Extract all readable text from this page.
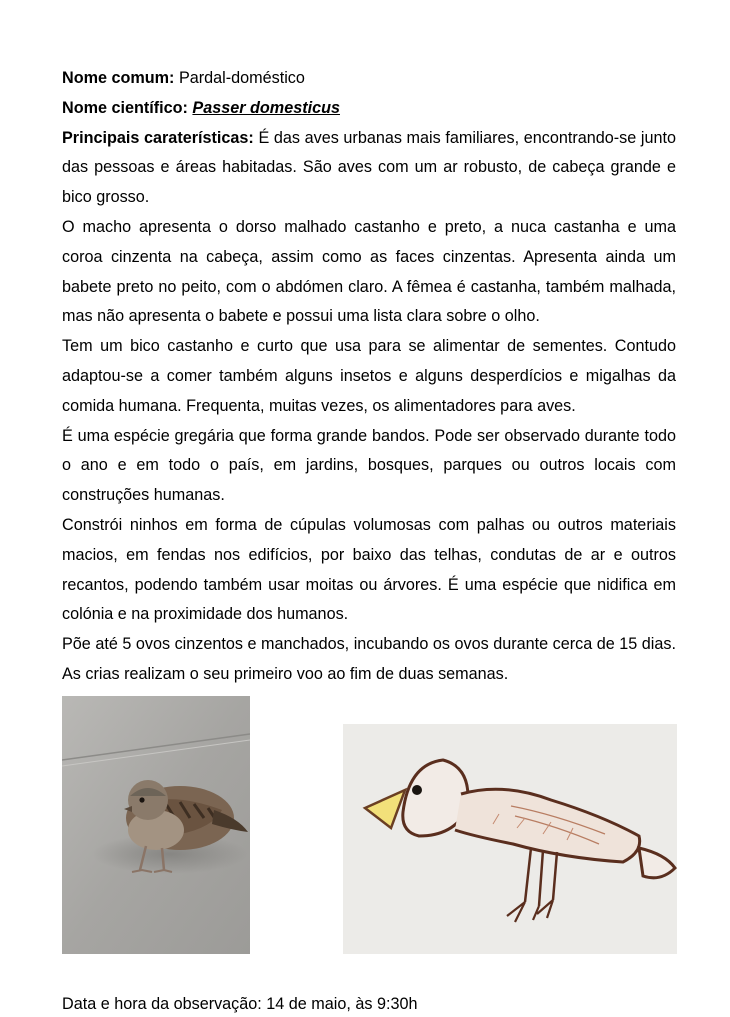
Nome comum: Pardal-doméstico

Nome científico: Passer domesticus

Principais caraterísticas: É das aves urbanas mais familiares, encontrando-se junto das pessoas e áreas habitadas. São aves com um ar robusto, de cabeça grande e bico grosso.

O macho apresenta o dorso malhado castanho e preto, a nuca castanha e uma coroa cinzenta na cabeça, assim como as faces cinzentas. Apresenta ainda um babete preto no peito, com o abdómen claro. A fêmea é castanha, também malhada, mas não apresenta o babete e possui uma lista clara sobre o olho.

Tem um bico castanho e curto que usa para se alimentar de sementes. Contudo adaptou-se a comer também alguns insetos e alguns desperdícios e migalhas da comida humana. Frequenta, muitas vezes, os alimentadores para aves.

É uma espécie gregária que forma grande bandos. Pode ser observado durante todo o ano e em todo o país, em jardins, bosques, parques ou outros locais com construções humanas.

Constrói ninhos em forma de cúpulas volumosas com palhas ou outros materiais macios, em fendas nos edifícios, por baixo das telhas, condutas de ar e outros recantos, podendo também usar moitas ou árvores. É uma espécie que nidifica em colónia e na proximidade dos humanos.

Põe até 5 ovos cinzentos e manchados, incubando os ovos durante cerca de 15 dias. As crias realizam o seu primeiro voo ao fim de duas semanas.

Data e hora da observação: 14 de maio, às 9:30h
